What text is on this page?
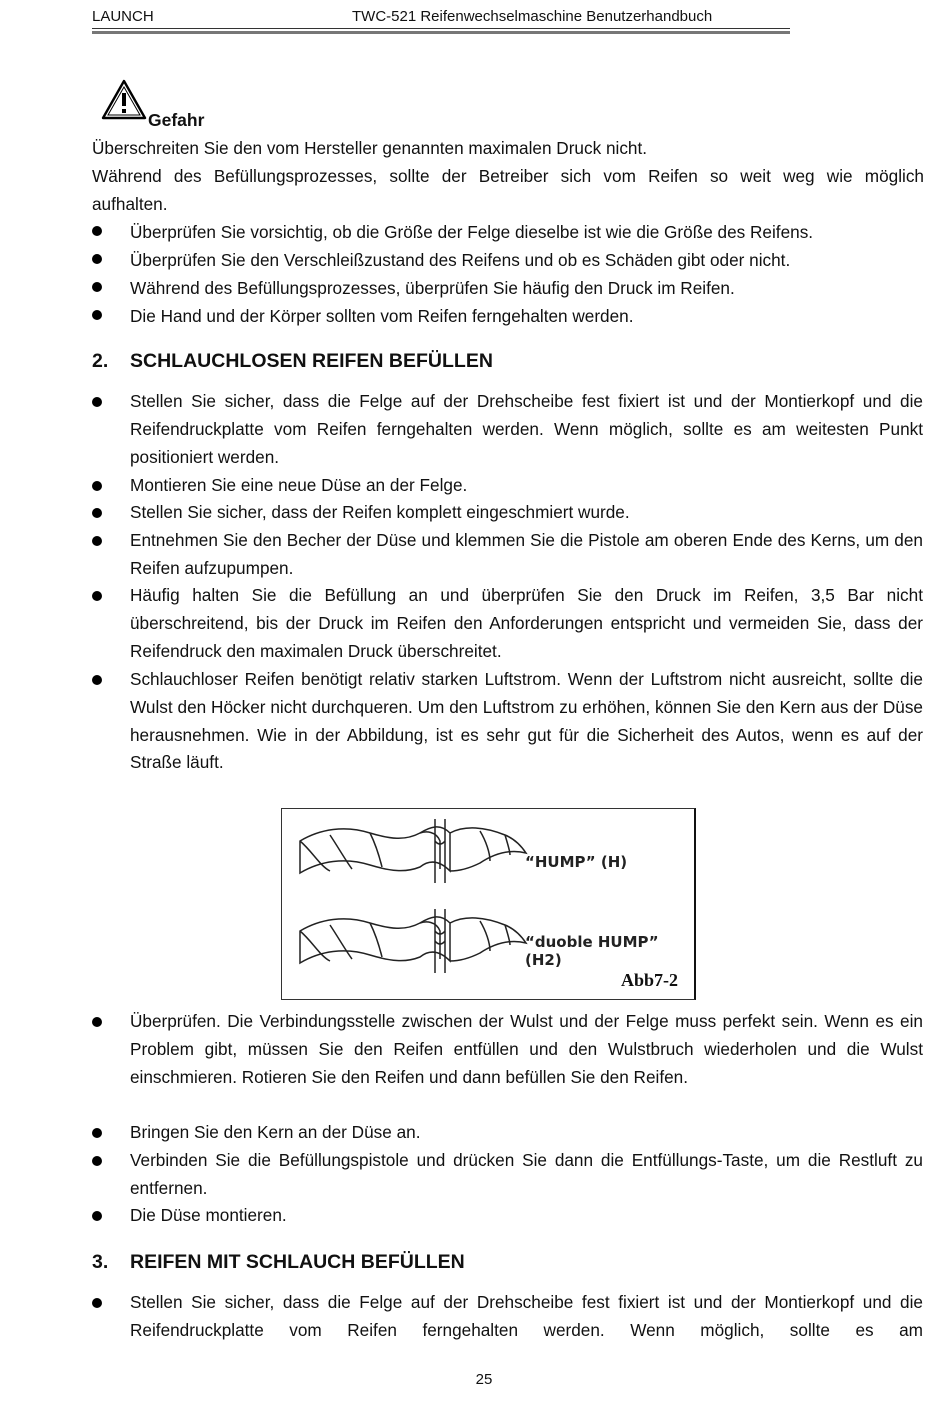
LAUNCH	TWC-521 Reifenwechselmaschine Benutzerhandbuch
Gefahr
Überschreiten Sie den vom Hersteller genannten maximalen Druck nicht.
Während des Befüllungsprozesses, sollte der Betreiber sich vom Reifen so weit weg wie möglich
aufhalten.
Überprüfen Sie vorsichtig, ob die Größe der Felge dieselbe ist wie die Größe des Reifens.
Überprüfen Sie den Verschleißzustand des Reifens und ob es Schäden gibt oder nicht.
Während des Befüllungsprozesses, überprüfen Sie häufig den Druck im Reifen.
Die Hand und der Körper sollten vom Reifen ferngehalten werden.
2. SCHLAUCHLOSEN REIFEN BEFÜLLEN
Stellen Sie sicher, dass die Felge auf der Drehscheibe fest fixiert ist und der Montierkopf und die Reifendruckplatte vom Reifen ferngehalten werden. Wenn möglich, sollte es am weitesten Punkt positioniert werden.
Montieren Sie eine neue Düse an der Felge.
Stellen Sie sicher, dass der Reifen komplett eingeschmiert wurde.
Entnehmen Sie den Becher der Düse und klemmen Sie die Pistole am oberen Ende des Kerns, um den Reifen aufzupumpen.
Häufig halten Sie die Befüllung an und überprüfen Sie den Druck im Reifen, 3,5 Bar nicht überschreitend, bis der Druck im Reifen den Anforderungen entspricht und vermeiden Sie, dass der Reifendruck den maximalen Druck überschreitet.
Schlauchloser Reifen benötigt relativ starken Luftstrom. Wenn der Luftstrom nicht ausreicht, sollte die Wulst den Höcker nicht durchqueren. Um den Luftstrom zu erhöhen, können Sie den Kern aus der Düse herausnehmen. Wie in der Abbildung, ist es sehr gut für die Sicherheit des Autos, wenn es auf der Straße läuft.
“HUMP” (H)
“duoble HUMP” (H2)
Abb7-2
Überprüfen. Die Verbindungsstelle zwischen der Wulst und der Felge muss perfekt sein. Wenn es ein Problem gibt, müssen Sie den Reifen entfüllen und den Wulstbruch wiederholen und die Wulst einschmieren. Rotieren Sie den Reifen und dann befüllen Sie den Reifen.
Bringen Sie den Kern an der Düse an.
Verbinden Sie die Befüllungspistole und drücken Sie dann die Entfüllungs-Taste, um die Restluft zu entfernen.
Die Düse montieren.
3. REIFEN MIT SCHLAUCH BEFÜLLEN
Stellen Sie sicher, dass die Felge auf der Drehscheibe fest fixiert ist und der Montierkopf und die Reifendruckplatte vom Reifen ferngehalten werden. Wenn möglich, sollte es am
25
